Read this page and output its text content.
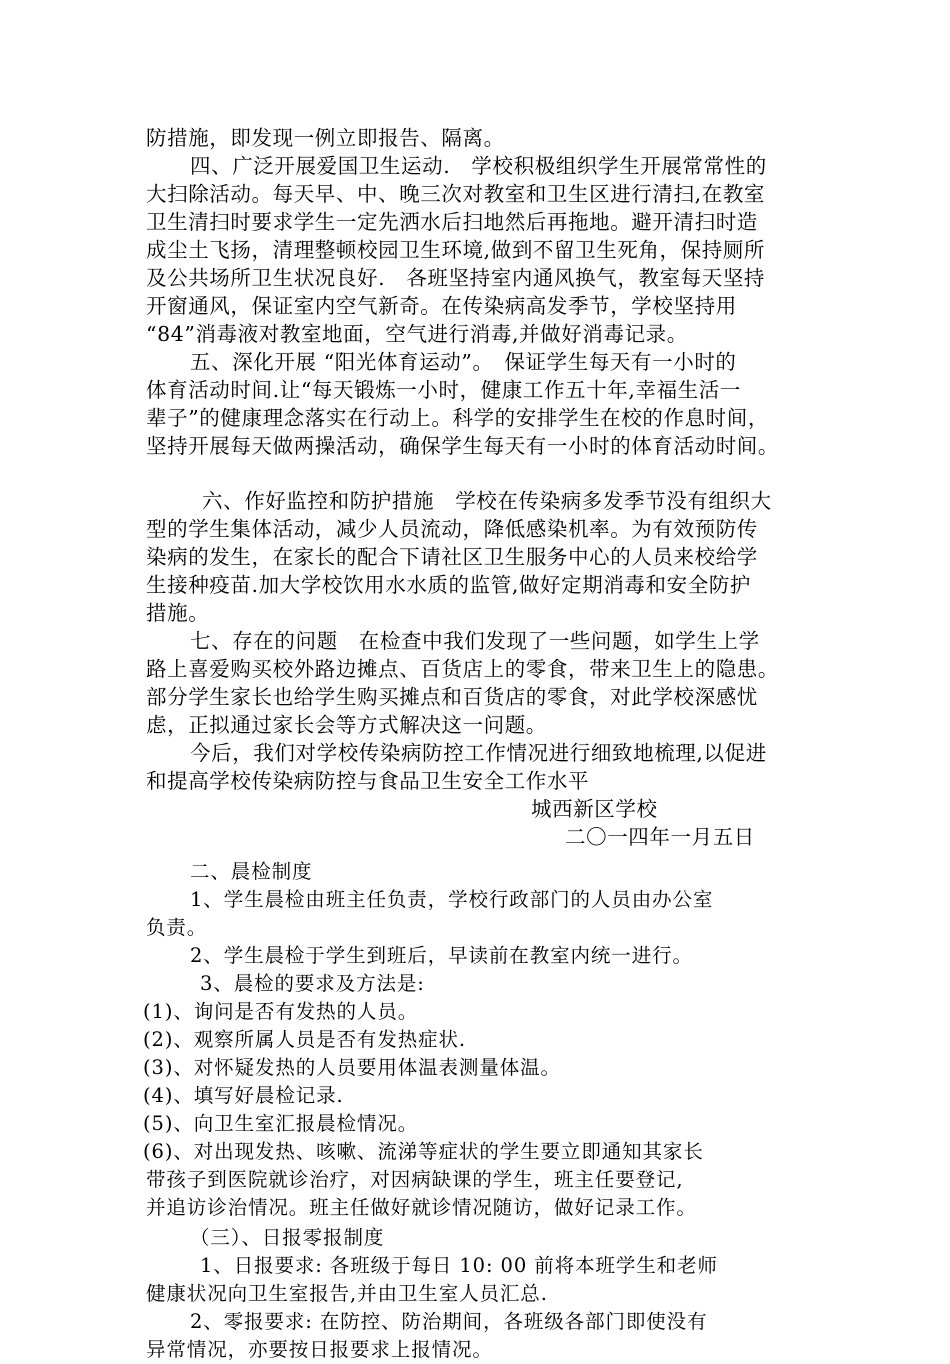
防措施，即发现一例立即报告、隔离。
四、广泛开展爱国卫生运动.　学校积极组织学生开展常常性的
大扫除活动。每天早、中、晚三次对教室和卫生区进行清扫,在教室
卫生清扫时要求学生一定先洒水后扫地然后再拖地。避开清扫时造
成尘土飞扬，清理整顿校园卫生环境,做到不留卫生死角，保持厕所
及公共场所卫生状况良好.　各班坚持室内通风换气，教室每天坚持
开窗通风，保证室内空气新奇。在传染病高发季节，学校坚持用
“84”消毒液对教室地面，空气进行消毒,并做好消毒记录。
五、深化开展 “阳光体育运动”。　保证学生每天有一小时的
体育活动时间.让“每天锻炼一小时，健康工作五十年,幸福生活一
辈子”的健康理念落实在行动上。科学的安排学生在校的作息时间，
坚持开展每天做两操活动，确保学生每天有一小时的体育活动时间。
六、作好监控和防护措施　学校在传染病多发季节没有组织大
型的学生集体活动，减少人员流动，降低感染机率。为有效预防传
染病的发生，在家长的配合下请社区卫生服务中心的人员来校给学
生接种疫苗.加大学校饮用水水质的监管,做好定期消毒和安全防护
措施。
七、存在的问题　在检查中我们发现了一些问题，如学生上学
路上喜爱购买校外路边摊点、百货店上的零食，带来卫生上的隐患。
部分学生家长也给学生购买摊点和百货店的零食，对此学校深感忧
虑，正拟通过家长会等方式解决这一问题。
今后，我们对学校传染病防控工作情况进行细致地梳理,以促进
和提高学校传染病防控与食品卫生安全工作水平
城西新区学校
二〇一四年一月五日
二、晨检制度
1、学生晨检由班主任负责，学校行政部门的人员由办公室
负责。
2、学生晨检于学生到班后，早读前在教室内统一进行。
3、晨检的要求及方法是:
(1)、询问是否有发热的人员。
(2)、观察所属人员是否有发热症状.
(3)、对怀疑发热的人员要用体温表测量体温。
(4)、填写好晨检记录.
(5)、向卫生室汇报晨检情况。
(6)、对出现发热、咳嗽、流涕等症状的学生要立即通知其家长
带孩子到医院就诊治疗，对因病缺课的学生，班主任要登记,
并追访诊治情况。班主任做好就诊情况随访，做好记录工作。
（三）、日报零报制度
1、日报要求: 各班级于每日 10: 00 前将本班学生和老师
健康状况向卫生室报告,并由卫生室人员汇总.
2、零报要求: 在防控、防治期间，各班级各部门即使没有
异常情况，亦要按日报要求上报情况。
